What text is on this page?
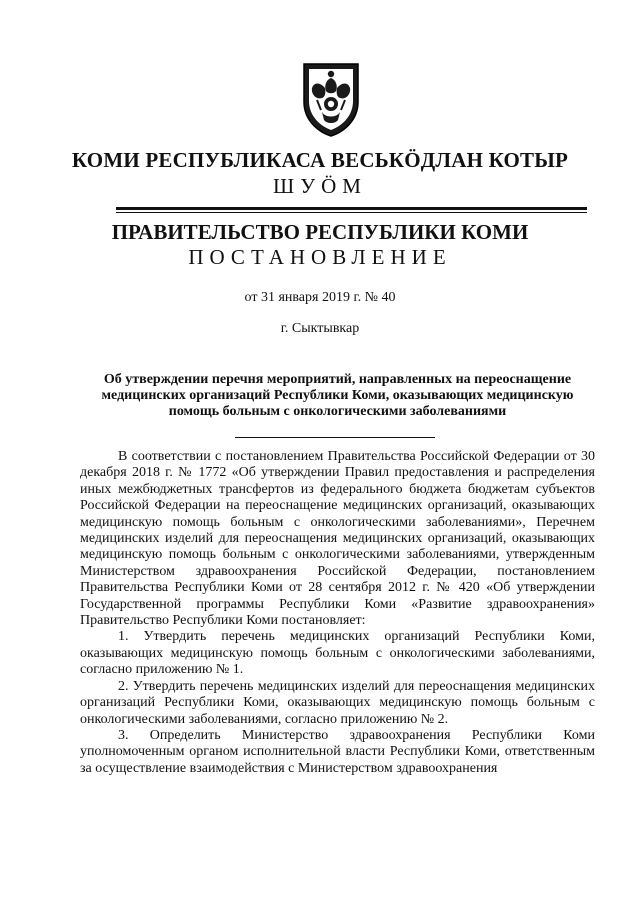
КОМИ РЕСПУБЛИКАСА ВЕСЬКӦДЛАН КОТЫР
ШУӦМ
ПРАВИТЕЛЬСТВО РЕСПУБЛИКИ КОМИ
ПОСТАНОВЛЕНИЕ
от 31 января 2019 г. № 40
г. Сыктывкар
Об утверждении перечня мероприятий, направленных на переоснащение медицинских организаций Республики Коми, оказывающих медицинскую помощь больным с онкологическими заболеваниями

В соответствии с постановлением Правительства Российской Федерации от 30 декабря 2018 г. № 1772 «Об утверждении Правил предоставления и распределения иных межбюджетных трансфертов из федерального бюджета бюджетам субъектов Российской Федерации на переоснащение медицинских организаций, оказывающих медицинскую помощь больным с онкологическими заболеваниями», Перечнем медицинских изделий для переоснащения медицинских организаций, оказывающих медицинскую помощь больным с онкологическими заболеваниями, утвержденным Министерством здравоохранения Российской Федерации, постановлением Правительства Республики Коми от 28 сентября 2012 г. № 420 «Об утверждении Государственной программы Республики Коми «Развитие здравоохранения» Правительство Республики Коми постановляет:

1. Утвердить перечень медицинских организаций Республики Коми, оказывающих медицинскую помощь больным с онкологическими заболеваниями, согласно приложению № 1.

2. Утвердить перечень медицинских изделий для переоснащения медицинских организаций Республики Коми, оказывающих медицинскую помощь больным с онкологическими заболеваниями, согласно приложению № 2.

3. Определить Министерство здравоохранения Республики Коми уполномоченным органом исполнительной власти Республики Коми, ответственным за осуществление взаимодействия с Министерством здравоохранения
